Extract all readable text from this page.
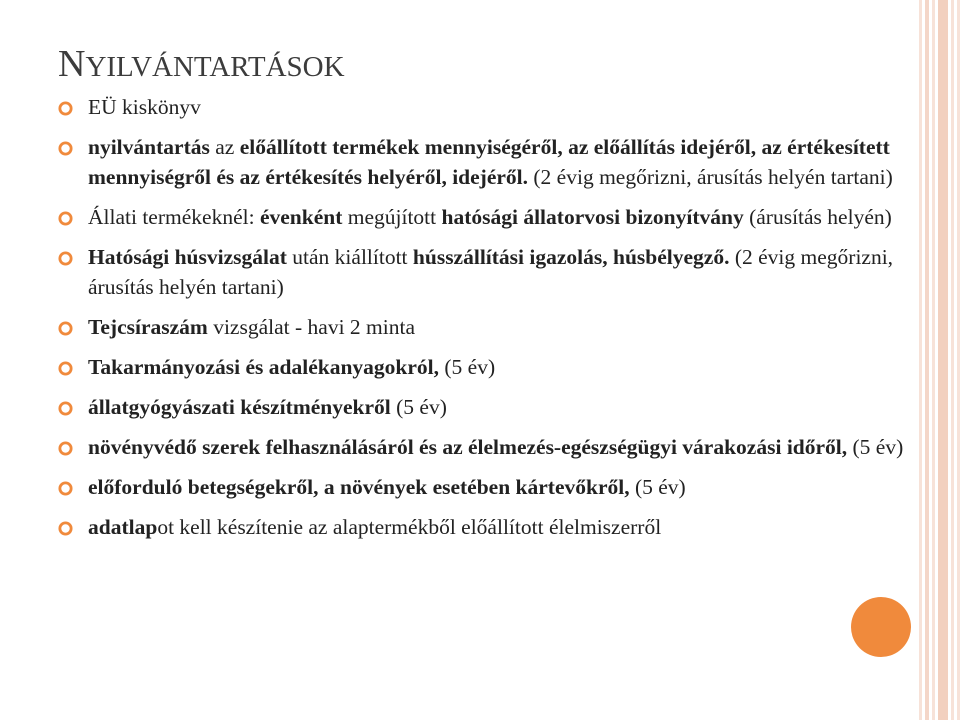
NYILVÁNTARTÁSOK
EÜ kiskönyv
nyilvántartás az előállított termékek mennyiségéről, az előállítás idejéről, az értékesített mennyiségről és az értékesítés helyéről, idejéről. (2 évig megőrizni, árusítás helyén tartani)
Állati termékeknél: évenként megújított hatósági állatorvosi bizonyítvány (árusítás helyén)
Hatósági húsvizsgálat után kiállított hússzállítási igazolás, húsbélyegző. (2 évig megőrizni, árusítás helyén tartani)
Tejcsíraszám vizsgálat - havi 2 minta
Takarmányozási és adalékanyagokról, (5 év)
állatgyógyászati készítményekről (5 év)
növényvédő szerek felhasználásáról és az élelmezés-egészségügyi várakozási időről, (5 év)
előforduló betegségekről, a növények esetében kártevőkről, (5 év)
adatlapot kell készítenie az alaptermékből előállított élelmiszerről
